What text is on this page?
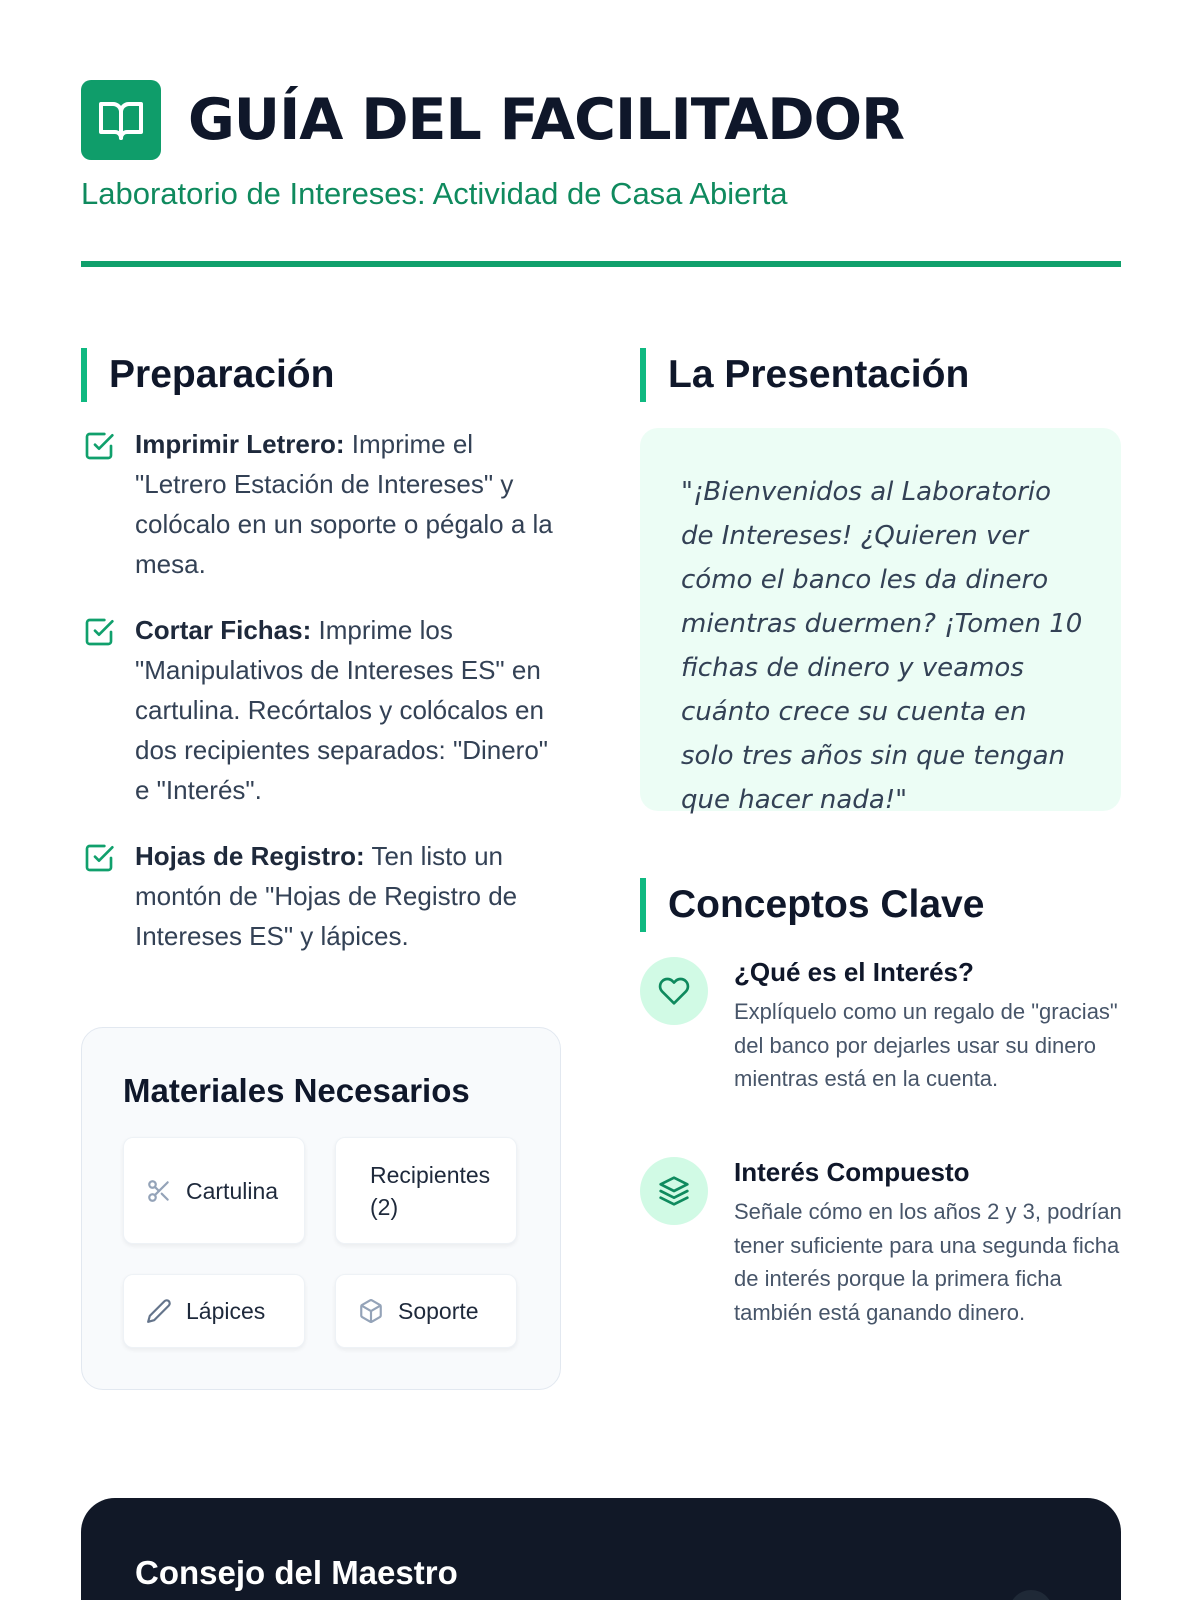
GUÍA DEL FACILITADOR
Laboratorio de Intereses: Actividad de Casa Abierta
Preparación
Imprimir Letrero: Imprime el "Letrero Estación de Intereses" y colócalo en un soporte o pégalo a la mesa.
Cortar Fichas: Imprime los "Manipulativos de Intereses ES" en cartulina. Recórtalos y colócalos en dos recipientes separados: "Dinero" e "Interés".
Hojas de Registro: Ten listo un montón de "Hojas de Registro de Intereses ES" y lápices.
Materiales Necesarios
Cartulina
Recipientes (2)
Lápices	Soporte
La Presentación

"¡Bienvenidos al Laboratorio de Intereses! ¿Quieren ver cómo el banco les da dinero mientras duermen? ¡Tomen 10 fichas de dinero y veamos cuánto crece su cuenta en solo tres años sin que tengan que hacer nada!"

Conceptos Clave
¿Qué es el Interés?
Explíquelo como un regalo de "gracias" del banco por dejarles usar su dinero mientras está en la cuenta.
Interés Compuesto
Señale cómo en los años 2 y 3, podrían tener suficiente para una segunda ficha de interés porque la primera ficha también está ganando dinero.
Consejo del Maestro
